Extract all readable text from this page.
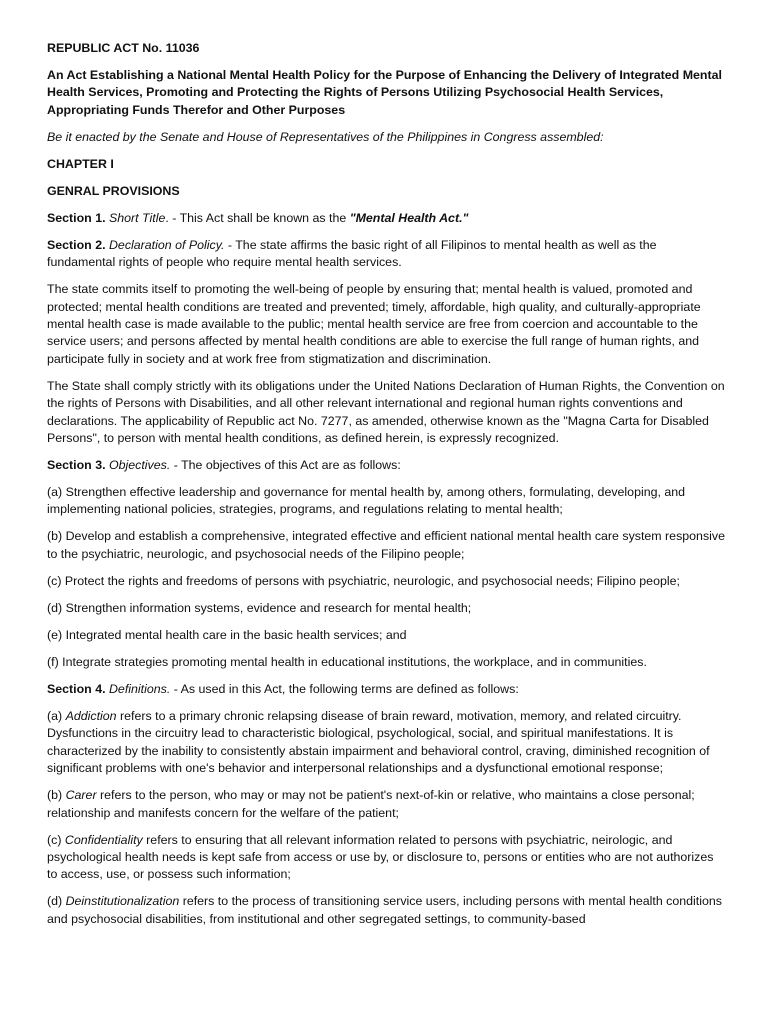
REPUBLIC ACT No. 11036

An Act Establishing a National Mental Health Policy for the Purpose of Enhancing the Delivery of Integrated Mental Health Services, Promoting and Protecting the Rights of Persons Utilizing Psychosocial Health Services, Appropriating Funds Therefor and Other Purposes

Be it enacted by the Senate and House of Representatives of the Philippines in Congress assembled:

CHAPTER I

GENRAL PROVISIONS

Section 1. Short Title. - This Act shall be known as the "Mental Health Act."

Section 2. Declaration of Policy. - The state affirms the basic right of all Filipinos to mental health as well as the fundamental rights of people who require mental health services.

The state commits itself to promoting the well-being of people by ensuring that; mental health is valued, promoted and protected; mental health conditions are treated and prevented; timely, affordable, high quality, and culturally-appropriate mental health case is made available to the public; mental health service are free from coercion and accountable to the service users; and persons affected by mental health conditions are able to exercise the full range of human rights, and participate fully in society and at work free from stigmatization and discrimination.

The State shall comply strictly with its obligations under the United Nations Declaration of Human Rights, the Convention on the rights of Persons with Disabilities, and all other relevant international and regional human rights conventions and declarations. The applicability of Republic act No. 7277, as amended, otherwise known as the "Magna Carta for Disabled Persons", to person with mental health conditions, as defined herein, is expressly recognized.

Section 3. Objectives. - The objectives of this Act are as follows:

(a) Strengthen effective leadership and governance for mental health by, among others, formulating, developing, and implementing national policies, strategies, programs, and regulations relating to mental health;

(b) Develop and establish a comprehensive, integrated effective and efficient national mental health care system responsive to the psychiatric, neurologic, and psychosocial needs of the Filipino people;

(c) Protect the rights and freedoms of persons with psychiatric, neurologic, and psychosocial needs; Filipino people;

(d) Strengthen information systems, evidence and research for mental health;

(e) Integrated mental health care in the basic health services; and

(f) Integrate strategies promoting mental health in educational institutions, the workplace, and in communities.

Section 4. Definitions. - As used in this Act, the following terms are defined as follows:

(a) Addiction refers to a primary chronic relapsing disease of brain reward, motivation, memory, and related circuitry. Dysfunctions in the circuitry lead to characteristic biological, psychological, social, and spiritual manifestations. It is characterized by the inability to consistently abstain impairment and behavioral control, craving, diminished recognition of significant problems with one's behavior and interpersonal relationships and a dysfunctional emotional response;

(b) Carer refers to the person, who may or may not be patient's next-of-kin or relative, who maintains a close personal; relationship and manifests concern for the welfare of the patient;

(c) Confidentiality refers to ensuring that all relevant information related to persons with psychiatric, neirologic, and psychological health needs is kept safe from access or use by, or disclosure to, persons or entities who are not authorizes to access, use, or possess such information;

(d) Deinstitutionalization refers to the process of transitioning service users, including persons with mental health conditions and psychosocial disabilities, from institutional and other segregated settings, to community-based
